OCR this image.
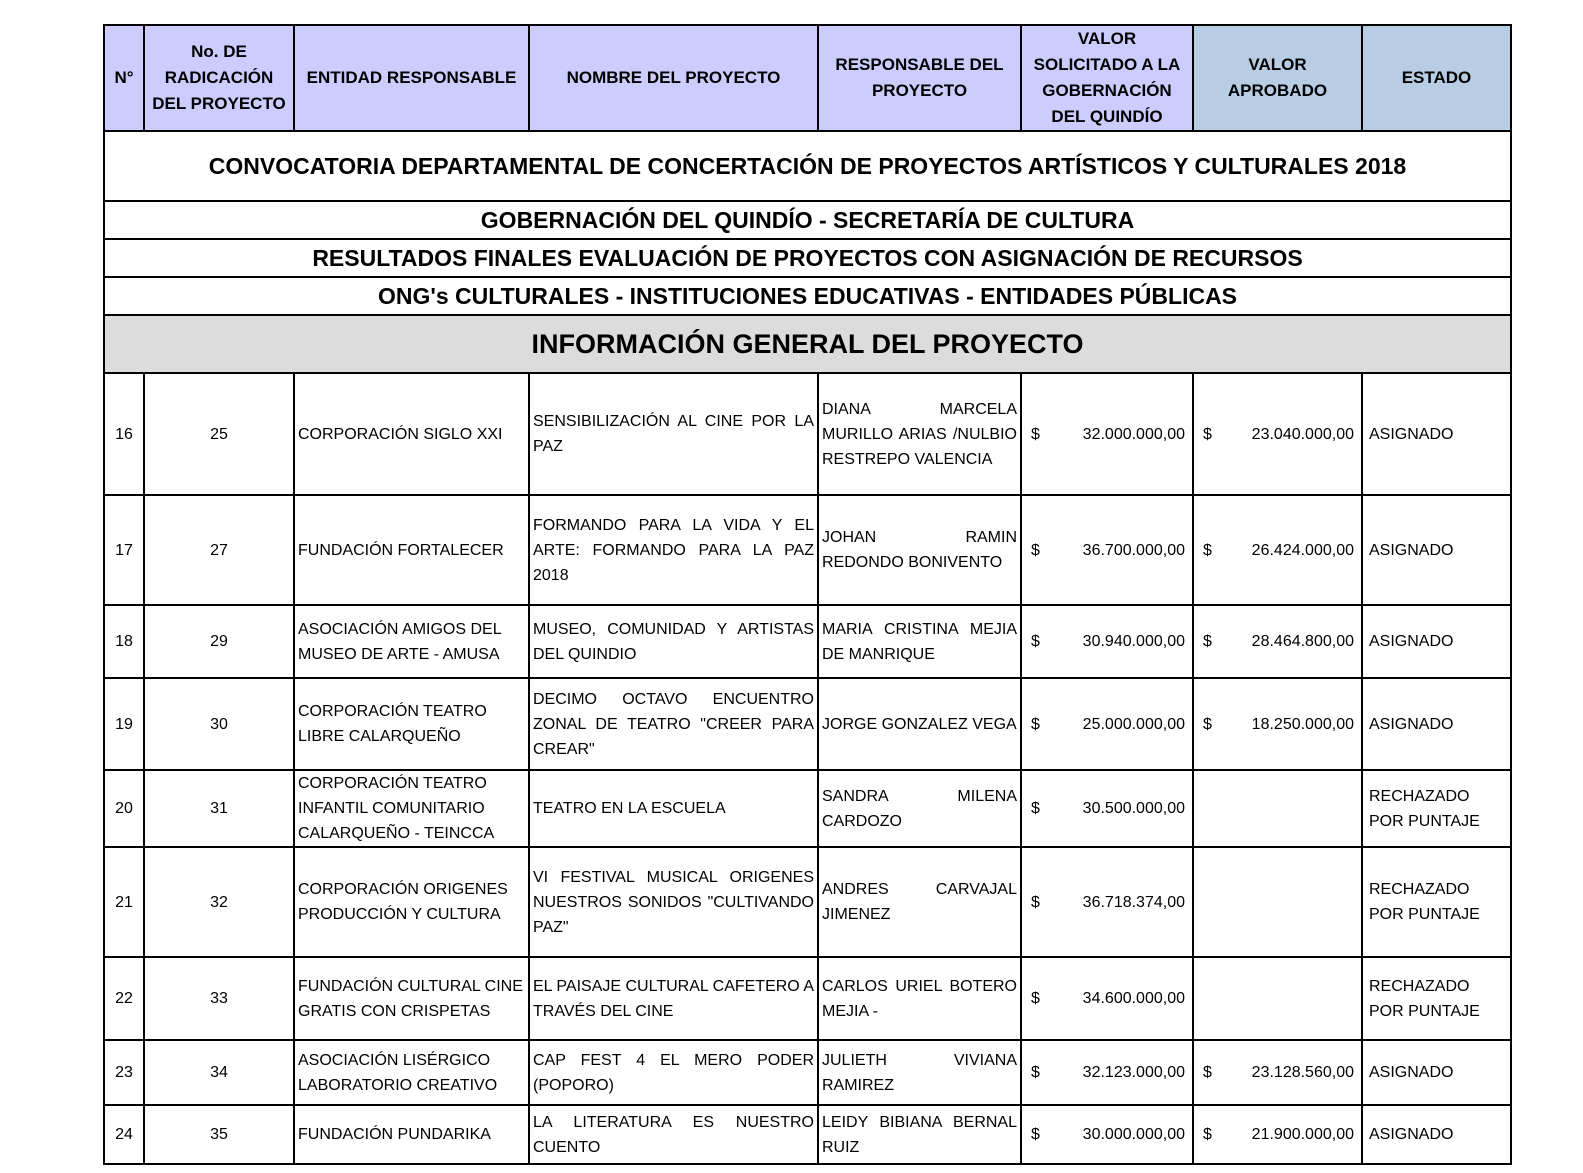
CONVOCATORIA DEPARTAMENTAL DE CONCERTACIÓN DE PROYECTOS ARTÍSTICOS Y CULTURALES 2018							
GOBERNACIÓN DEL QUINDÍO - SECRETARÍA DE CULTURA							
RESULTADOS FINALES EVALUACIÓN DE PROYECTOS CON ASIGNACIÓN DE RECURSOS							
ONG's CULTURALES - INSTITUCIONES EDUCATIVAS - ENTIDADES PÚBLICAS							
INFORMACIÓN GENERAL DEL PROYECTO							
N°	No. DE RADICACIÓN DEL PROYECTO	ENTIDAD RESPONSABLE	NOMBRE DEL PROYECTO	RESPONSABLE DEL PROYECTO	VALOR SOLICITADO A LA GOBERNACIÓN DEL QUINDÍO	VALOR APROBADO	ESTADO
16	25	CORPORACIÓN SIGLO XXI	SENSIBILIZACIÓN AL CINE POR LA PAZ	DIANA MARCELA MURILLO ARIAS /NULBIO RESTREPO VALENCIA	$ 32.000.000,00	$ 23.040.000,00	ASIGNADO
17	27	FUNDACIÓN FORTALECER	FORMANDO PARA LA VIDA Y EL ARTE: FORMANDO PARA LA PAZ 2018	JOHAN RAMIN REDONDO BONIVENTO	$ 36.700.000,00	$ 26.424.000,00	ASIGNADO
18	29	ASOCIACIÓN AMIGOS DEL MUSEO DE ARTE - AMUSA	MUSEO, COMUNIDAD Y ARTISTAS DEL QUINDIO	MARIA CRISTINA MEJIA DE MANRIQUE	$ 30.940.000,00	$ 28.464.800,00	ASIGNADO
19	30	CORPORACIÓN TEATRO LIBRE CALARQUEÑO	DECIMO OCTAVO ENCUENTRO ZONAL DE TEATRO "CREER PARA CREAR"	JORGE GONZALEZ VEGA	$ 25.000.000,00	$ 18.250.000,00	ASIGNADO
20	31	CORPORACIÓN TEATRO INFANTIL COMUNITARIO CALARQUEÑO - TEINCCA	TEATRO EN LA ESCUELA	SANDRA MILENA CARDOZO	$ 30.500.000,00		RECHAZADO POR PUNTAJE
21	32	CORPORACIÓN ORIGENES PRODUCCIÓN Y CULTURA	VI FESTIVAL MUSICAL ORIGENES NUESTROS SONIDOS "CULTIVANDO PAZ"	ANDRES CARVAJAL JIMENEZ	$ 36.718.374,00		RECHAZADO POR PUNTAJE
22	33	FUNDACIÓN CULTURAL CINE GRATIS CON CRISPETAS	EL PAISAJE CULTURAL CAFETERO A TRAVÉS DEL CINE	CARLOS URIEL BOTERO MEJIA -	$ 34.600.000,00		RECHAZADO POR PUNTAJE
23	34	ASOCIACIÓN LISÉRGICO LABORATORIO CREATIVO	CAP FEST 4 EL MERO PODER (POPORO)	JULIETH VIVIANA RAMIREZ	$ 32.123.000,00	$ 23.128.560,00	ASIGNADO
24	35	FUNDACIÓN PUNDARIKA	LA LITERATURA ES NUESTRO CUENTO	LEIDY BIBIANA BERNAL RUIZ	$ 30.000.000,00	$ 21.900.000,00	ASIGNADO
